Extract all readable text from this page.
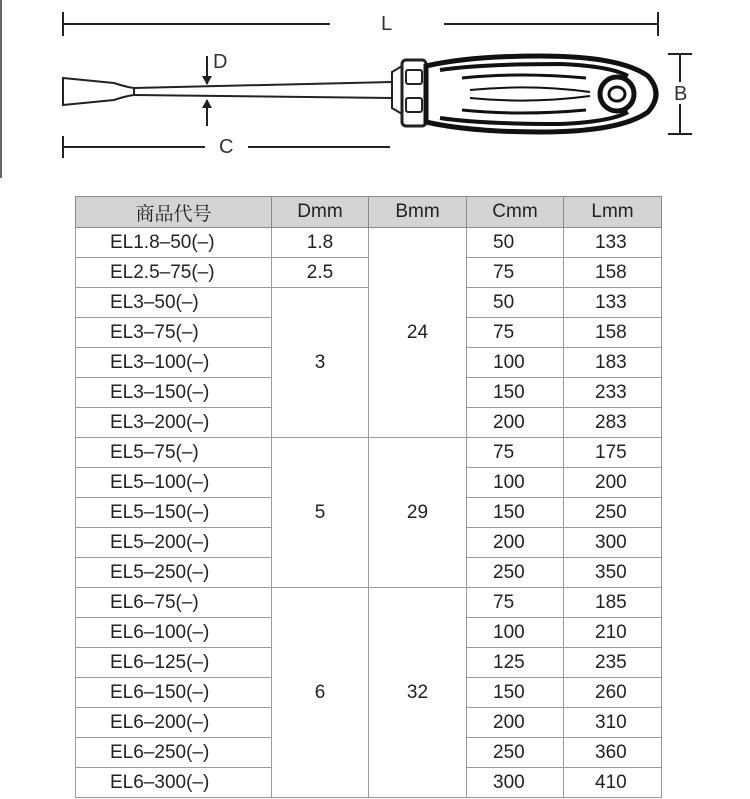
L
D
B
C
商品代号	Dmm	Bmm	Cmm	Lmm
EL1.8–50(–)	1.8	24	50	133
EL2.5–75(–)	2.5		75	158
EL3–50(–)	3		50	133
EL3–75(–)			75	158
EL3–100(–)			100	183
EL3–150(–)			150	233
EL3–200(–)			200	283
EL5–75(–)	5	29	75	175
EL5–100(–)			100	200
EL5–150(–)			150	250
EL5–200(–)			200	300
EL5–250(–)			250	350
EL6–75(–)	6	32	75	185
EL6–100(–)			100	210
EL6–125(–)			125	235
EL6–150(–)			150	260
EL6–200(–)			200	310
EL6–250(–)			250	360
EL6–300(–)			300	410
